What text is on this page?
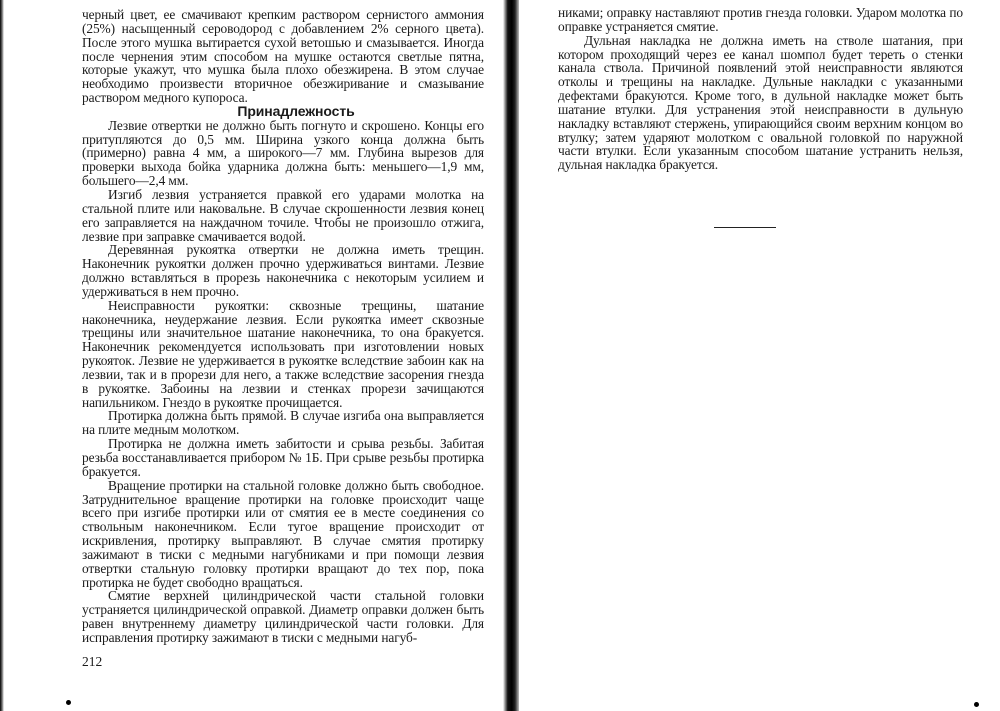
черный цвет, ее смачивают крепким раствором сернистого аммония (25%) насыщенный сероводород с добавлением 2% серного цвета). После этого мушка вытирается сухой ветошью и смазывается. Иногда после чернения этим способом на мушке остаются светлые пятна, которые укажут, что мушка была плохо обезжирена. В этом случае необходимо произвести вторичное обезжиривание и смазывание раствором медного купороса.

Принадлежность

Лезвие отвертки не должно быть погнуто и скрошено. Концы его притупляются до 0,5 мм. Ширина узкого конца должна быть (примерно) равна 4 мм, а широкого—7 мм. Глубина вырезов для проверки выхода бойка ударника должна быть: меньшего—1,9 мм, большего—2,4 мм.

Изгиб лезвия устраняется правкой его ударами молотка на стальной плите или наковальне. В случае скрошенности лезвия конец его заправляется на наждачном точиле. Чтобы не произошло отжига, лезвие при заправке смачивается водой.

Деревянная рукоятка отвертки не должна иметь трещин. Наконечник рукоятки должен прочно удерживаться винтами. Лезвие должно вставляться в прорезь наконечника с некоторым усилием и удерживаться в нем прочно.

Неисправности рукоятки: сквозные трещины, шатание наконечника, неудержание лезвия. Если рукоятка имеет сквозные трещины или значительное шатание наконечника, то она бракуется. Наконечник рекомендуется использовать при изготовлении новых рукояток. Лезвие не удерживается в рукоятке вследствие забоин как на лезвии, так и в прорези для него, а также вследствие засорения гнезда в рукоятке. Забоины на лезвии и стенках прорези зачищаются напильником. Гнездо в рукоятке прочищается.

Протирка должна быть прямой. В случае изгиба она выправляется на плите медным молотком.

Протирка не должна иметь забитости и срыва резьбы. Забитая резьба восстанавливается прибором № 1Б. При срыве резьбы протирка бракуется.

Вращение протирки на стальной головке должно быть свободное. Затруднительное вращение протирки на головке происходит чаще всего при изгибе протирки или от смятия ее в месте соединения со ствольным наконечником. Если тугое вращение происходит от искривления, протирку выправляют. В случае смятия протирку зажимают в тиски с медными нагубниками и при помощи лезвия отвертки стальную головку протирки вращают до тех пор, пока протирка не будет свободно вращаться.

Смятие верхней цилиндрической части стальной головки устраняется цилиндрической оправкой. Диаметр оправки должен быть равен внутреннему диаметру цилиндрической части головки. Для исправления протирку зажимают в тиски с медными нагуб-

212

никами; оправку наставляют против гнезда головки. Ударом молотка по оправке устраняется смятие.

Дульная накладка не должна иметь на стволе шатания, при котором проходящий через ее канал шомпол будет тереть о стенки канала ствола. Причиной появлений этой неисправности являются отколы и трещины на накладке. Дульные накладки с указанными дефектами бракуются. Кроме того, в дульной накладке может быть шатание втулки. Для устранения этой неисправности в дульную накладку вставляют стержень, упирающийся своим верхним концом во втулку; затем ударяют молотком с овальной головкой по наружной части втулки. Если указанным способом шатание устранить нельзя, дульная накладка бракуется.
